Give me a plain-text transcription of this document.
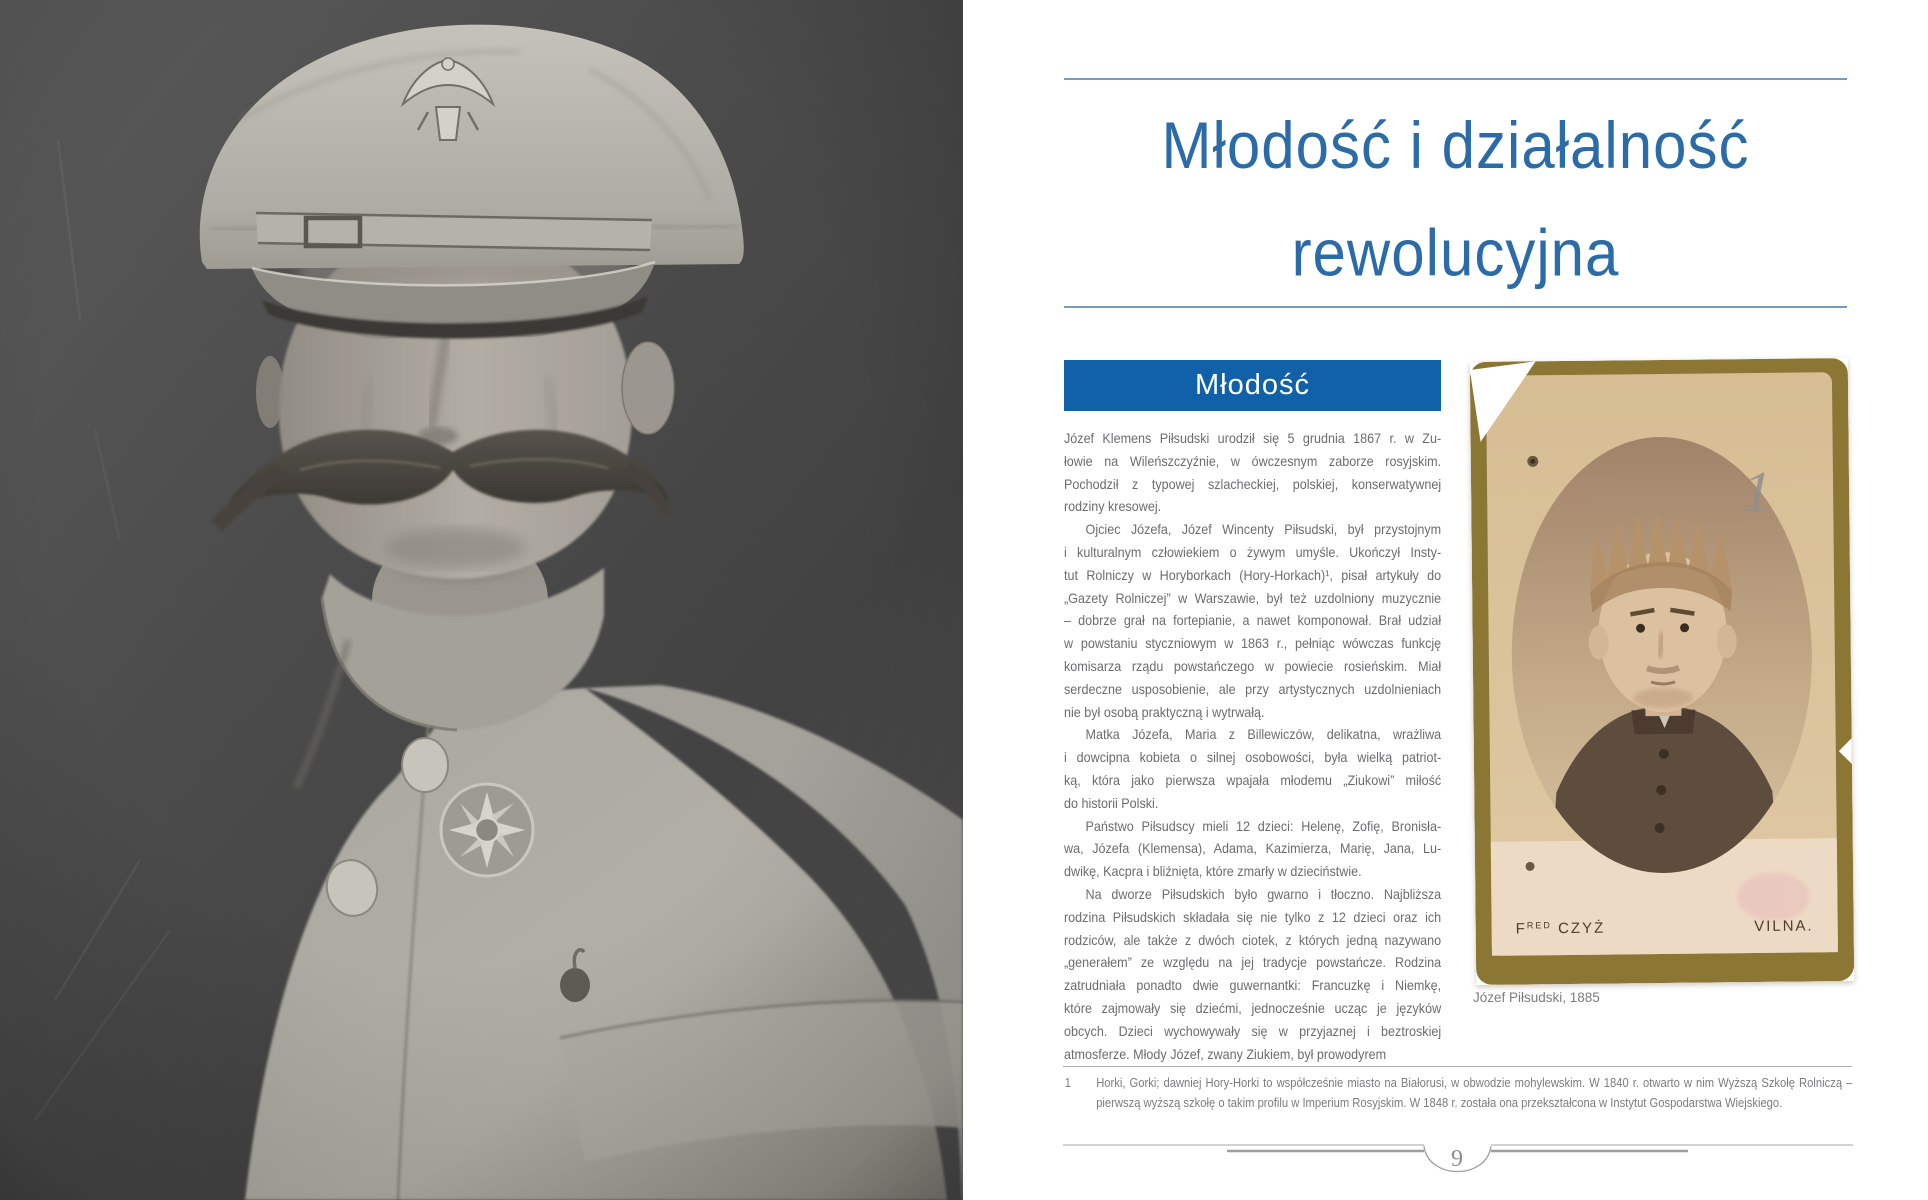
Młodość i działalność
rewolucyjna
Młodość
Józef Klemens Piłsudski urodził się 5 grudnia 1867 r. w Zu-
łowie na Wileńszczyźnie, w ówczesnym zaborze rosyjskim.
Pochodził z typowej szlacheckiej, polskiej, konserwatywnej
rodziny kresowej.
Ojciec Józefa, Józef Wincenty Piłsudski, był przystojnym
i kulturalnym człowiekiem o żywym umyśle. Ukończył Insty-
tut Rolniczy w Horyborkach (Hory-Horkach)¹, pisał artykuły do
„Gazety Rolniczej” w Warszawie, był też uzdolniony muzycznie
– dobrze grał na fortepianie, a nawet komponował. Brał udział
w powstaniu styczniowym w 1863 r., pełniąc wówczas funkcję
komisarza rządu powstańczego w powiecie rosieńskim. Miał
serdeczne usposobienie, ale przy artystycznych uzdolnieniach
nie był osobą praktyczną i wytrwałą.
Matka Józefa, Maria z Billewiczów, delikatna, wrażliwa
i dowcipna kobieta o silnej osobowości, była wielką patriot-
ką, która jako pierwsza wpajała młodemu „Ziukowi” miłość
do historii Polski.
Państwo Piłsudscy mieli 12 dzieci: Helenę, Zofię, Bronisła-
wa, Józefa (Klemensa), Adama, Kazimierza, Marię, Jana, Lu-
dwikę, Kacpra i bliźnięta, które zmarły w dzieciństwie.
Na dworze Piłsudskich było gwarno i tłoczno. Najbliższa
rodzina Piłsudskich składała się nie tylko z 12 dzieci oraz ich
rodziców, ale także z dwóch ciotek, z których jedną nazywano
„generałem” ze względu na jej tradycje powstańcze. Rodzina
zatrudniała ponadto dwie guwernantki: Francuzkę i Niemkę,
które zajmowały się dziećmi, jednocześnie ucząc je języków
obcych. Dzieci wychowywały się w przyjaznej i beztroskiej
atmosferze. Młody Józef, zwany Ziukiem, był prowodyrem
1	Horki, Gorki; dawniej Hory-Horki to współcześnie miasto na Białorusi, w obwodzie mohylewskim. W 1840 r. otwarto w nim Wyższą Szkołę Rolniczą –
pierwszą wyższą szkołę o takim profilu w Imperium Rosyjskim. W 1848 r. została ona przekształcona w Instytut Gospodarstwa Wiejskiego.
1
$F^{RED}$ CZYŻ	VILNA.
Józef Piłsudski, 1885
9
